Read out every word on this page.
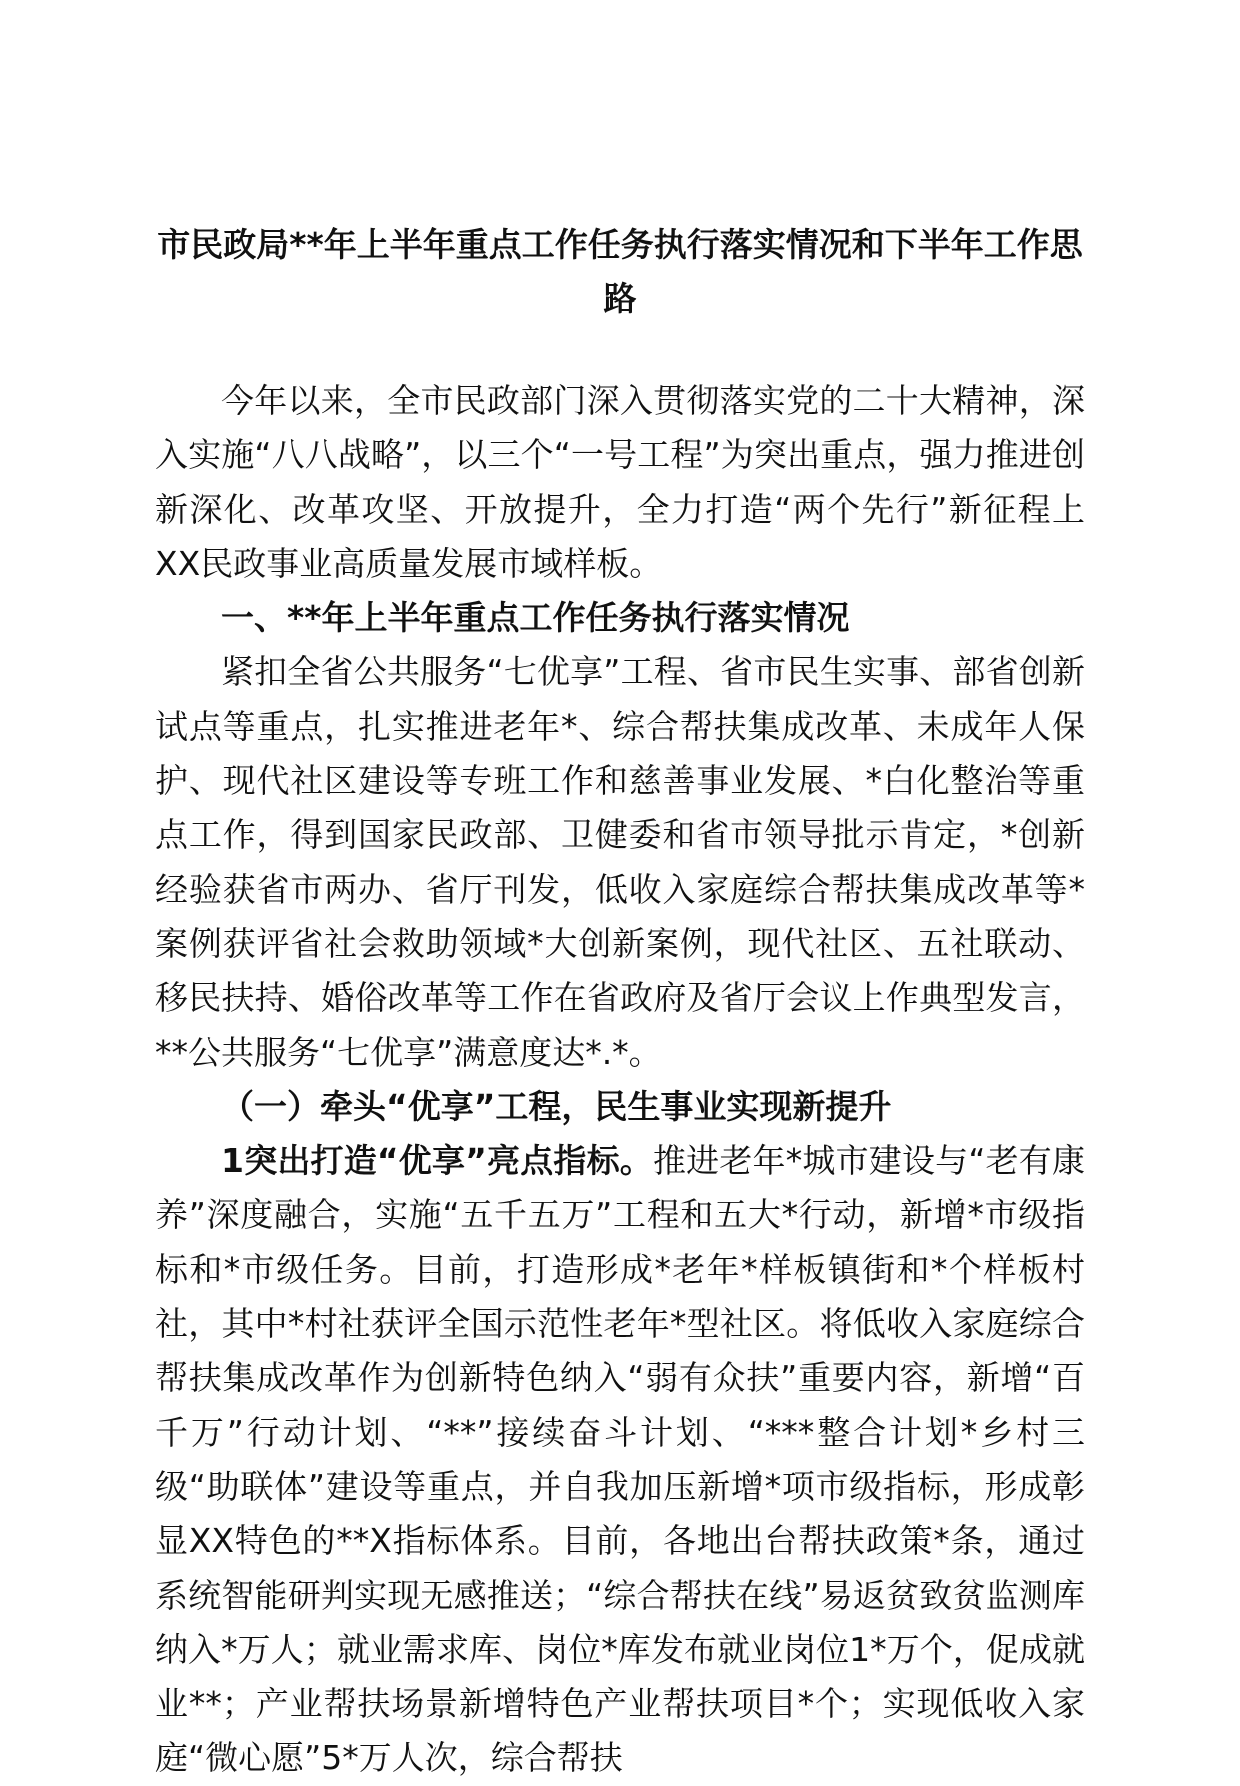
市民政局**年上半年重点工作任务执行落实情况和下半年工作思路

今年以来，全市民政部门深入贯彻落实党的二十大精神，深入实施“八八战略”，以三个“一号工程”为突出重点，强力推进创新深化、改革攻坚、开放提升，全力打造“两个先行”新征程上XX民政事业高质量发展市域样板。

一、**年上半年重点工作任务执行落实情况

紧扣全省公共服务“七优享”工程、省市民生实事、部省创新试点等重点，扎实推进老年*、综合帮扶集成改革、未成年人保护、现代社区建设等专班工作和慈善事业发展、*白化整治等重点工作，得到国家民政部、卫健委和省市领导批示肯定，*创新经验获省市两办、省厅刊发，低收入家庭综合帮扶集成改革等*案例获评省社会救助领域*大创新案例，现代社区、五社联动、移民扶持、婚俗改革等工作在省政府及省厅会议上作典型发言，**公共服务“七优享”满意度达*.*。

（一）牵头“优享”工程，民生事业实现新提升

1突出打造“优享”亮点指标。推进老年*城市建设与“老有康养”深度融合，实施“五千五万”工程和五大*行动，新增*市级指标和*市级任务。目前，打造形成*老年*样板镇街和*个样板村社，其中*村社获评全国示范性老年*型社区。将低收入家庭综合帮扶集成改革作为创新特色纳入“弱有众扶”重要内容，新增“百千万”行动计划、“**”接续奋斗计划、“***整合计划*乡村三级“助联体”建设等重点，并自我加压新增*项市级指标，形成彰显XX特色的**X指标体系。目前，各地出台帮扶政策*条，通过系统智能研判实现无感推送；“综合帮扶在线”易返贫致贫监测库纳入*万人；就业需求库、岗位*库发布就业岗位1*万个，促成就业**；产业帮扶场景新增特色产业帮扶项目*个；实现低收入家庭“微心愿”5*万人次，综合帮扶
